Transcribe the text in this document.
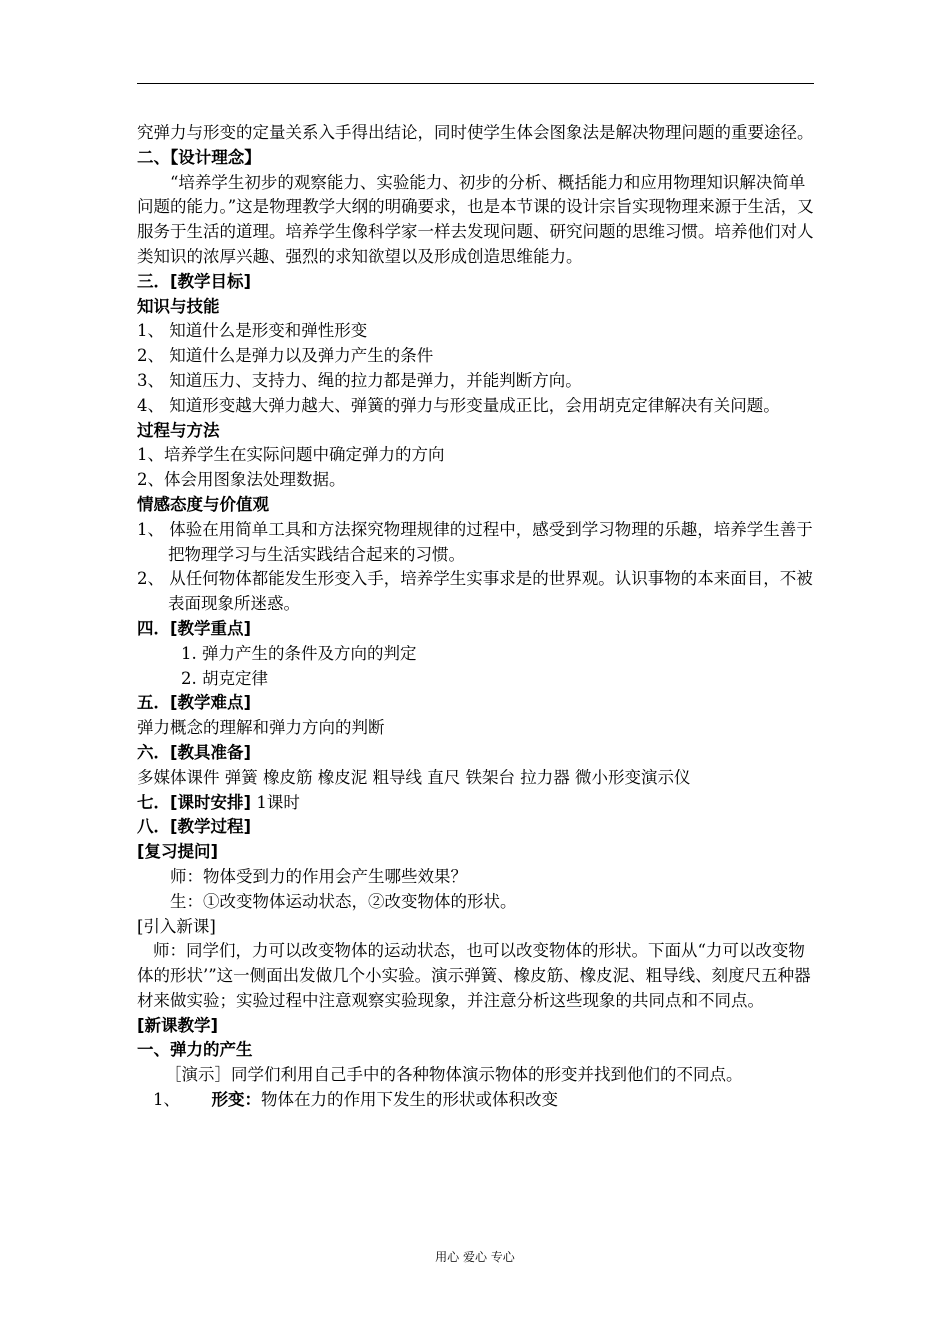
究弹力与形变的定量关系入手得出结论，同时使学生体会图象法是解决物理问题的重要途径。

二、【设计理念】

“培养学生初步的观察能力、实验能力、初步的分析、概括能力和应用物理知识解决简单问题的能力。”这是物理教学大纲的明确要求，也是本节课的设计宗旨实现物理来源于生活，又服务于生活的道理。培养学生像科学家一样去发现问题、研究问题的思维习惯。培养他们对人类知识的浓厚兴趣、强烈的求知欲望以及形成创造思维能力。

三．[教学目标]

知识与技能

1、 知道什么是形变和弹性形变

2、 知道什么是弹力以及弹力产生的条件

3、 知道压力、支持力、绳的拉力都是弹力，并能判断方向。

4、 知道形变越大弹力越大、弹簧的弹力与形变量成正比，会用胡克定律解决有关问题。

过程与方法

1、培养学生在实际问题中确定弹力的方向

2、体会用图象法处理数据。

情感态度与价值观

1、 体验在用简单工具和方法探究物理规律的过程中，感受到学习物理的乐趣，培养学生善于把物理学习与生活实践结合起来的习惯。

2、 从任何物体都能发生形变入手，培养学生实事求是的世界观。认识事物的本来面目，不被表面现象所迷惑。

四．[教学重点]

1. 弹力产生的条件及方向的判定

2. 胡克定律

五．[教学难点]

弹力概念的理解和弹力方向的判断

六．[教具准备]

多媒体课件 弹簧 橡皮筋 橡皮泥 粗导线 直尺 铁架台 拉力器 微小形变演示仪

七．[课时安排] 1课时

八．[教学过程]

[复习提问]

师：物体受到力的作用会产生哪些效果？

生：①改变物体运动状态，②改变物体的形状。

[引入新课]

师：同学们，力可以改变物体的运动状态，也可以改变物体的形状。下面从“力可以改变物体的形状’”这一侧面出发做几个小实验。演示弹簧、橡皮筋、橡皮泥、粗导线、刻度尺五种器材来做实验；实验过程中注意观察实验现象，并注意分析这些现象的共同点和不同点。

[新课教学]

一、弹力的产生

［演示］同学们利用自己手中的各种物体演示物体的形变并找到他们的不同点。

1、 形变：物体在力的作用下发生的形状或体积改变

用心 爱心 专心
